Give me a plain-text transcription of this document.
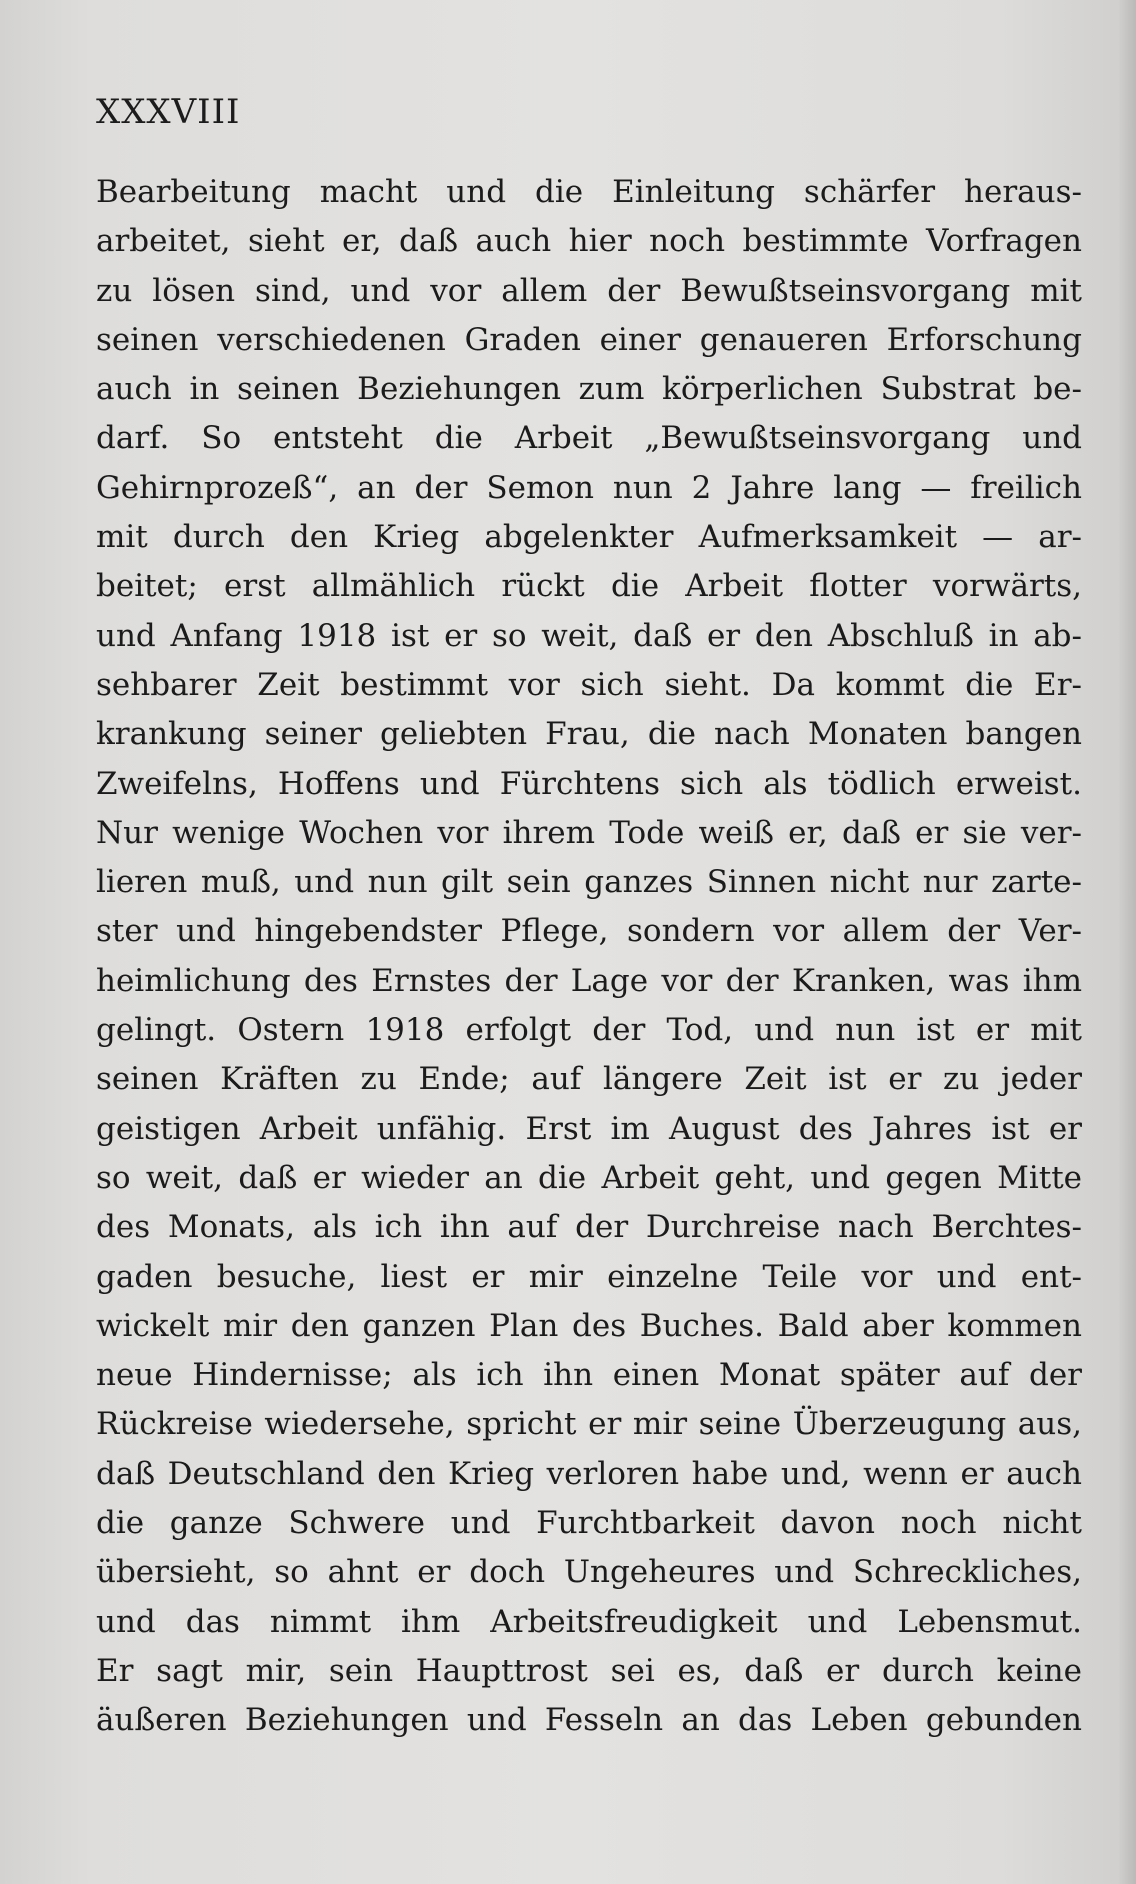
XXXVIII
Bearbeitung macht und die Einleitung schärfer heraus-
arbeitet, sieht er, daß auch hier noch bestimmte Vorfragen
zu lösen sind, und vor allem der Bewußtseinsvorgang mit
seinen verschiedenen Graden einer genaueren Erforschung
auch in seinen Beziehungen zum körperlichen Substrat be-
darf. So entsteht die Arbeit „Bewußtseinsvorgang und
Gehirnprozeß“, an der Semon nun 2 Jahre lang — freilich
mit durch den Krieg abgelenkter Aufmerksamkeit — ar-
beitet; erst allmählich rückt die Arbeit flotter vorwärts,
und Anfang 1918 ist er so weit, daß er den Abschluß in ab-
sehbarer Zeit bestimmt vor sich sieht. Da kommt die Er-
krankung seiner geliebten Frau, die nach Monaten bangen
Zweifelns, Hoffens und Fürchtens sich als tödlich erweist.
Nur wenige Wochen vor ihrem Tode weiß er, daß er sie ver-
lieren muß, und nun gilt sein ganzes Sinnen nicht nur zarte-
ster und hingebendster Pflege, sondern vor allem der Ver-
heimlichung des Ernstes der Lage vor der Kranken, was ihm
gelingt. Ostern 1918 erfolgt der Tod, und nun ist er mit
seinen Kräften zu Ende; auf längere Zeit ist er zu jeder
geistigen Arbeit unfähig. Erst im August des Jahres ist er
so weit, daß er wieder an die Arbeit geht, und gegen Mitte
des Monats, als ich ihn auf der Durchreise nach Berchtes-
gaden besuche, liest er mir einzelne Teile vor und ent-
wickelt mir den ganzen Plan des Buches. Bald aber kommen
neue Hindernisse; als ich ihn einen Monat später auf der
Rückreise wiedersehe, spricht er mir seine Überzeugung aus,
daß Deutschland den Krieg verloren habe und, wenn er auch
die ganze Schwere und Furchtbarkeit davon noch nicht
übersieht, so ahnt er doch Ungeheures und Schreckliches,
und das nimmt ihm Arbeitsfreudigkeit und Lebensmut.
Er sagt mir, sein Haupttrost sei es, daß er durch keine
äußeren Beziehungen und Fesseln an das Leben gebunden
